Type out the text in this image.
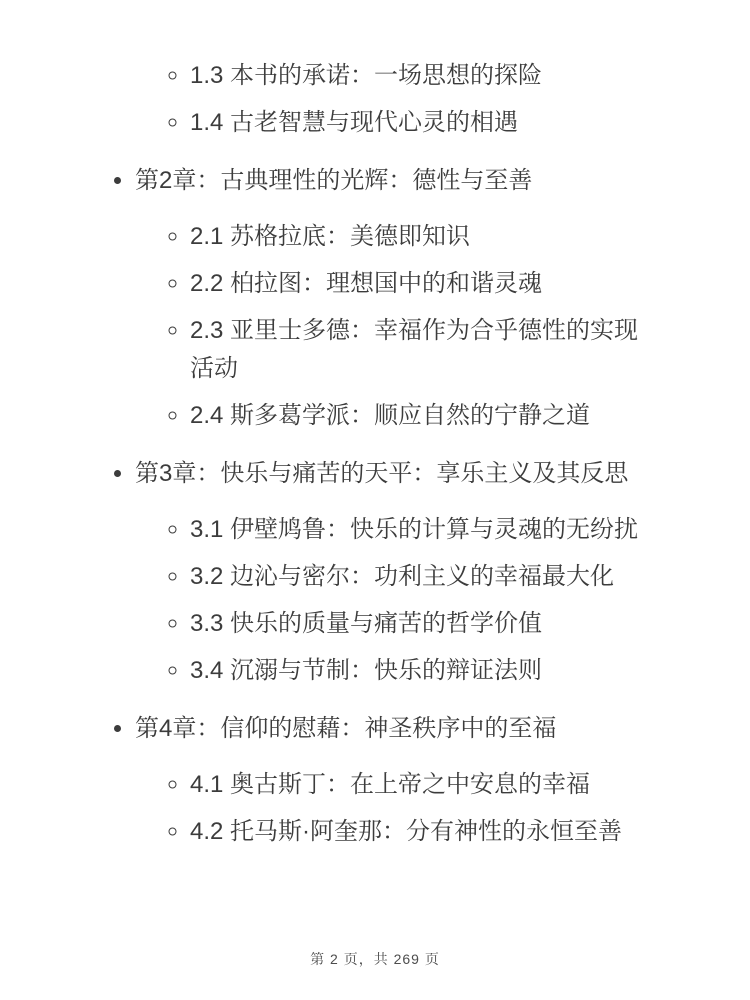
◦ 1.3 本书的承诺：一场思想的探险
◦ 1.4 古老智慧与现代心灵的相遇
• 第2章：古典理性的光辉：德性与至善
◦ 2.1 苏格拉底：美德即知识
◦ 2.2 柏拉图：理想国中的和谐灵魂
◦ 2.3 亚里士多德：幸福作为合乎德性的实现活动
◦ 2.4 斯多葛学派：顺应自然的宁静之道
• 第3章：快乐与痛苦的天平：享乐主义及其反思
◦ 3.1 伊壁鸠鲁：快乐的计算与灵魂的无纷扰
◦ 3.2 边沁与密尔：功利主义的幸福最大化
◦ 3.3 快乐的质量与痛苦的哲学价值
◦ 3.4 沉溺与节制：快乐的辩证法则
• 第4章：信仰的慰藉：神圣秩序中的至福
◦ 4.1 奥古斯丁：在上帝之中安息的幸福
◦ 4.2 托马斯·阿奎那：分有神性的永恒至善
第 2 页，共 269 页
